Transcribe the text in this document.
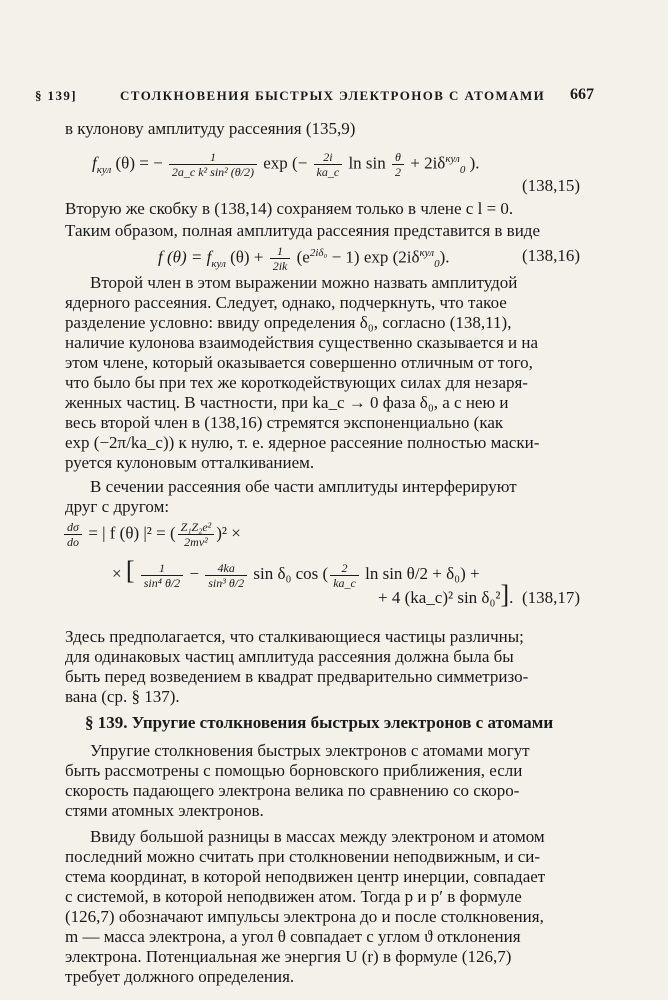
§ 139]	СТОЛКНОВЕНИЯ БЫСТРЫХ ЭЛЕКТРОНОВ С АТОМАМИ 667
в кулонову амплитуду рассеяния (135,9)
$f_{кул}$ (θ) = − $\frac{1}{\text{2a\_c k² sin² (θ/2)}}$ exp (− $\frac{2i}{ka\_c}$ $\ln \sin \frac{\theta}{2} + 2i\delta^{кул}_0$ ).
(138,15)
Вторую же скобку в (138,14) сохраняем только в члене с l = 0.
Таким образом, полная амплитуда рассеяния представится в виде
f $(\theta) = f_{кул}$ $(\theta) + \frac{1}{2ik} (e^{2i\delta_0} - 1)$ $\exp (2i\delta^{кул}_0)$.	(138,16)
Второй член в этом выражении можно назвать амплитудой
ядерного рассеяния. Следует, однако, подчеркнуть, что такое
разделение условно: ввиду определения δ₀, согласно (138,11),
наличие кулонова взаимодействия существенно сказывается и на
этом члене, который оказывается совершенно отличным от того,
что было бы при тех же короткодействующих силах для незаря-
женных частиц. В частности, при ka_c → 0 фаза δ₀, а с нею и
весь второй член в (138,16) стремятся экспоненциально (как
exp (−2π/ka_c)) к нулю, т. е. ядерное рассеяние полностью маски-
руется кулоновым отталкиванием.
В сечении рассеяния обе части амплитуды интерферируют
друг с другом:
$\frac{d\sigma}{do}$ = | f (θ) |² = ( $\frac{\text{Z₁Z₂e²}}{\text{2mv²}} )^2$ ×
× [ $\frac{1}{\text{sin⁴ θ/2}} - \frac{4ka}{\text{sin³ θ/2}}$ sin δ₀ cos ( $\frac{2}{ka\_c}$ ln sin θ/2 + δ₀) +
+ 4 (ka_c)² sin δ₀²]. (138,17)
Здесь предполагается, что сталкивающиеся частицы различны;
для одинаковых частиц амплитуда рассеяния должна была бы
быть перед возведением в квадрат предварительно симметризо-
вана (ср. § 137).
§ 139. Упругие столкновения быстрых электронов с атомами
Упругие столкновения быстрых электронов с атомами могут
быть рассмотрены с помощью борновского приближения, если
скорость падающего электрона велика по сравнению со скоро-
стями атомных электронов.
Ввиду большой разницы в массах между электроном и атомом
последний можно считать при столкновении неподвижным, и си-
стема координат, в которой неподвижен центр инерции, совпадает
с системой, в которой неподвижен атом. Тогда p и p′ в формуле
(126,7) обозначают импульсы электрона до и после столкновения,
m — масса электрона, а угол θ совпадает с углом ϑ отклонения
электрона. Потенциальная же энергия U (r) в формуле (126,7)
требует должного определения.
